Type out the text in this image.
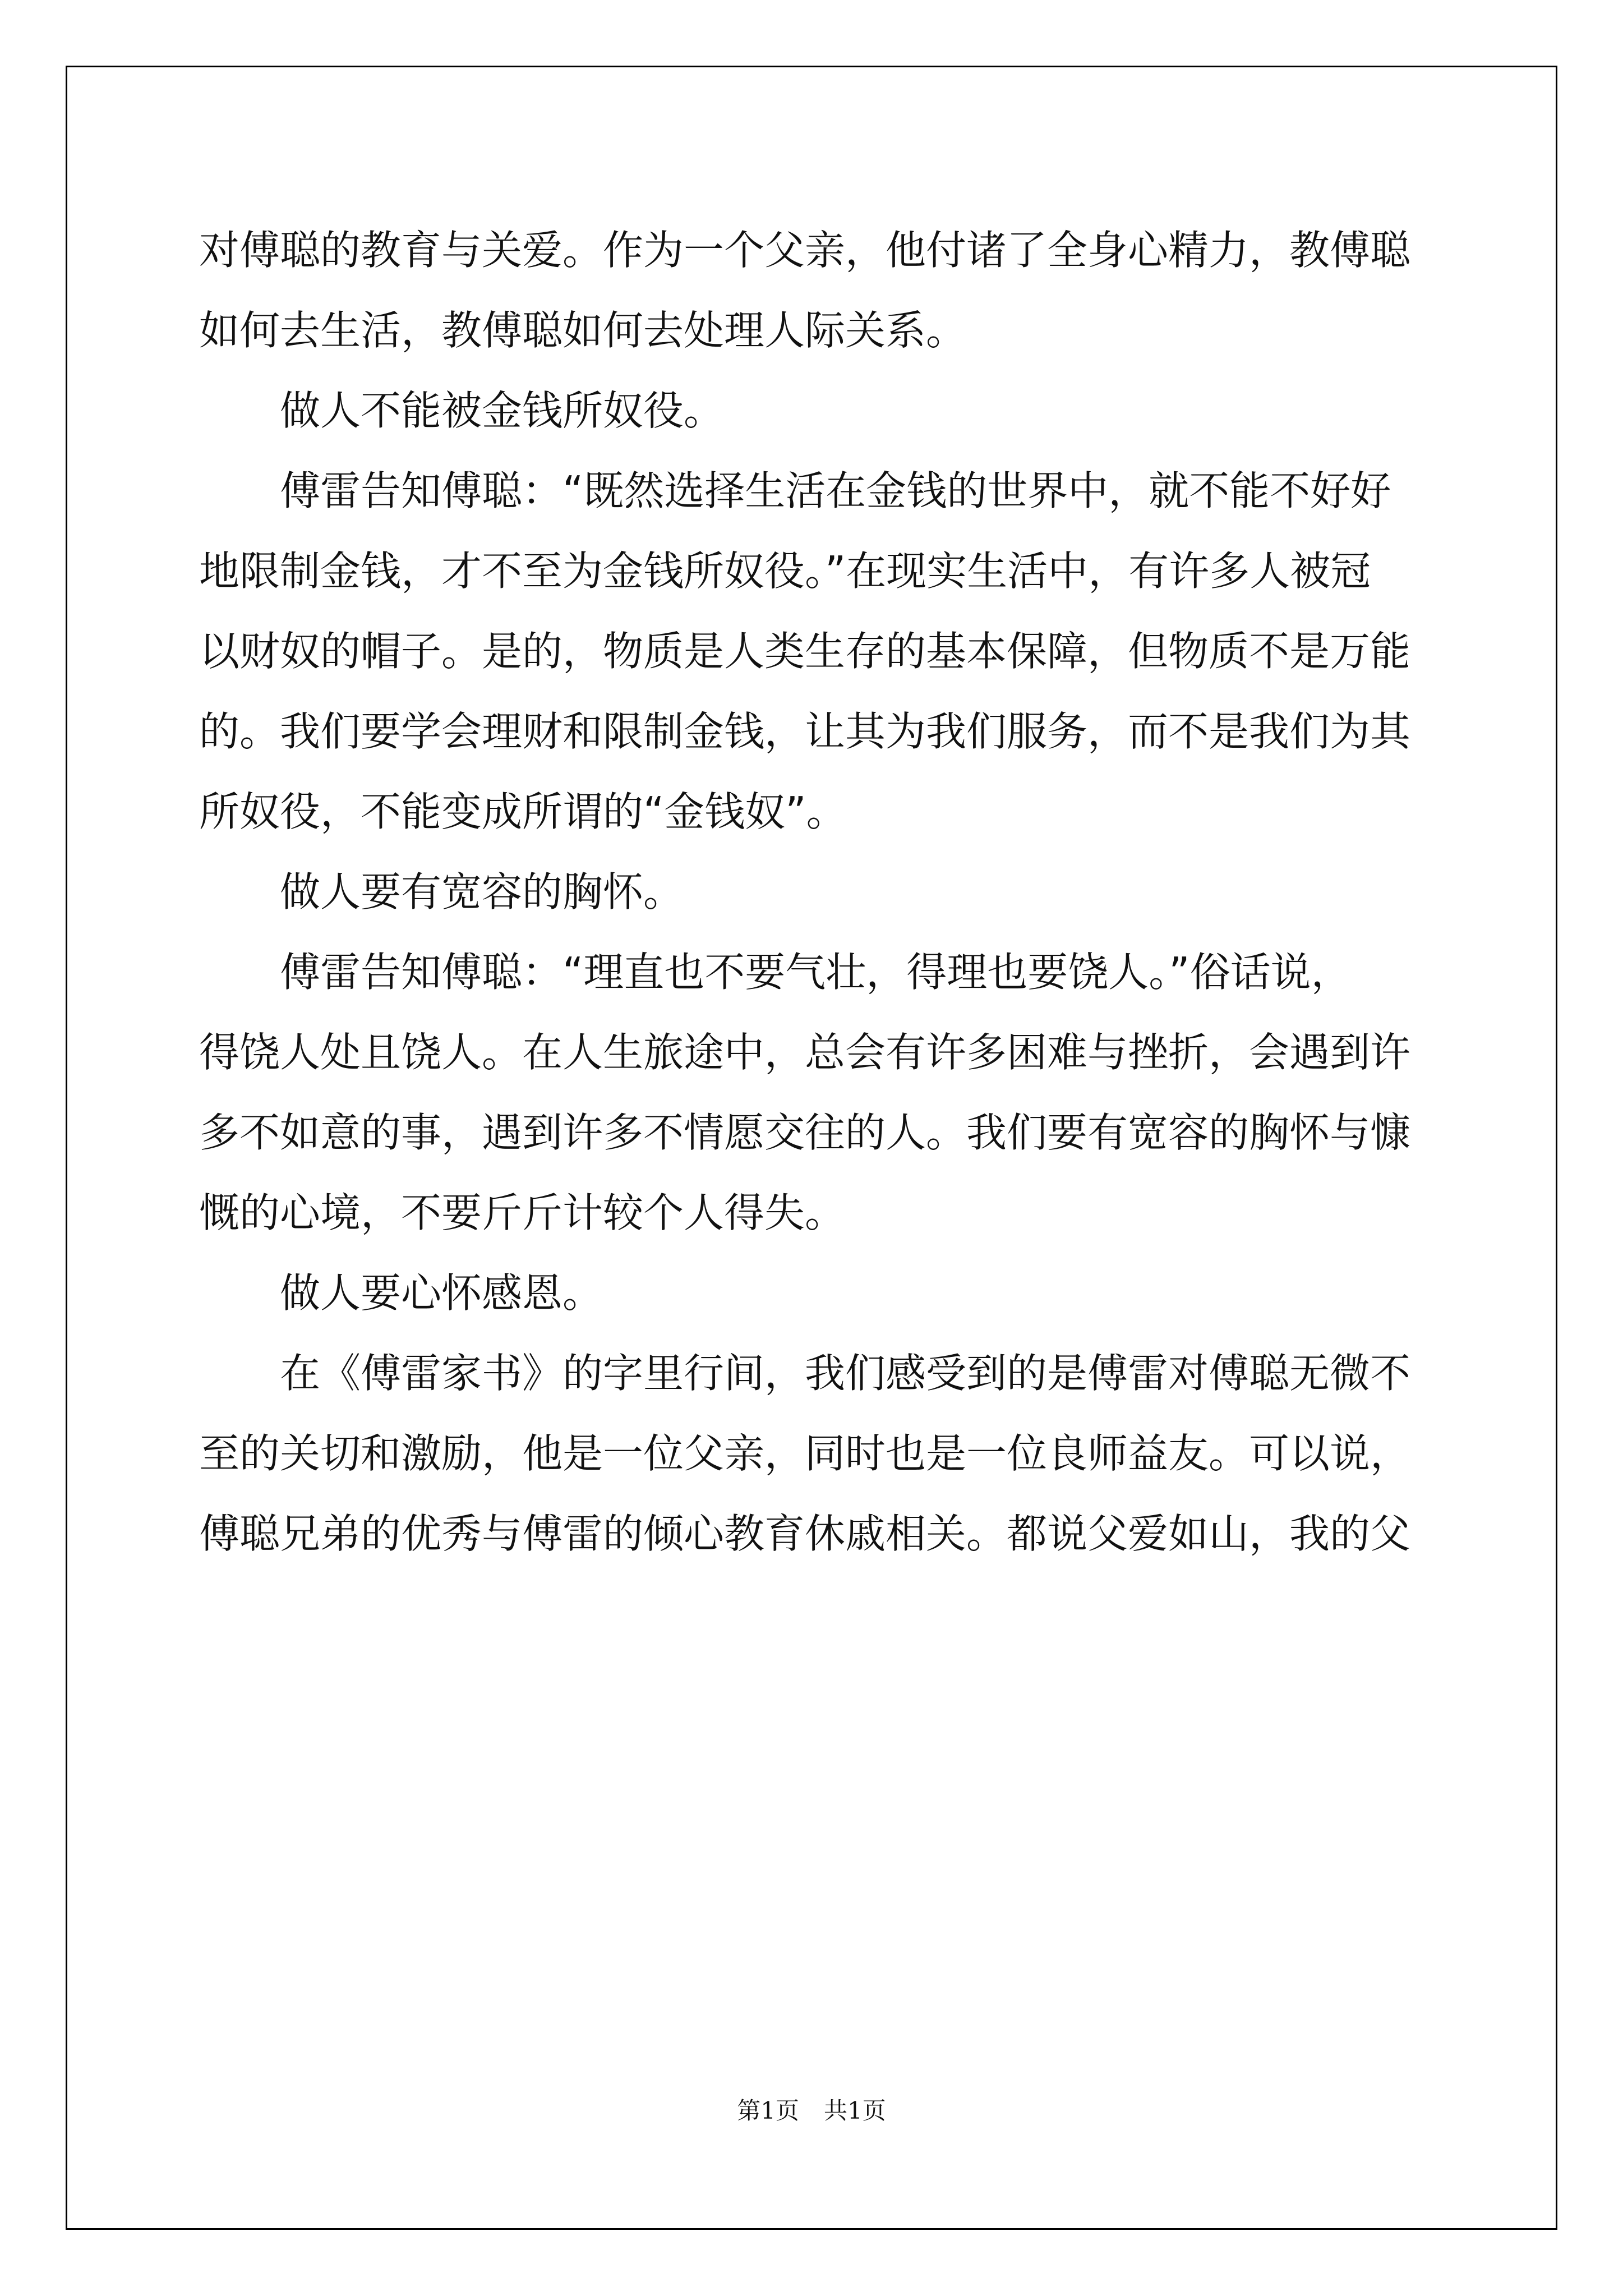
对傅聪的教育与关爱。作为一个父亲，他付诸了全身心精力，教傅聪
如何去生活，教傅聪如何去处理人际关系。
做人不能被金钱所奴役。
傅雷告知傅聪：“既然选择生活在金钱的世界中，就不能不好好
地限制金钱，才不至为金钱所奴役。”在现实生活中，有许多人被冠
以财奴的帽子。是的，物质是人类生存的基本保障，但物质不是万能
的。我们要学会理财和限制金钱，让其为我们服务，而不是我们为其
所奴役，不能变成所谓的“金钱奴”。
做人要有宽容的胸怀。
傅雷告知傅聪：“理直也不要气壮，得理也要饶人。”俗话说，
得饶人处且饶人。在人生旅途中，总会有许多困难与挫折，会遇到许
多不如意的事，遇到许多不情愿交往的人。我们要有宽容的胸怀与慷
慨的心境，不要斤斤计较个人得失。
做人要心怀感恩。
在《傅雷家书》的字里行间，我们感受到的是傅雷对傅聪无微不
至的关切和激励，他是一位父亲，同时也是一位良师益友。可以说，
傅聪兄弟的优秀与傅雷的倾心教育休戚相关。都说父爱如山，我的父
第1页 共1页
